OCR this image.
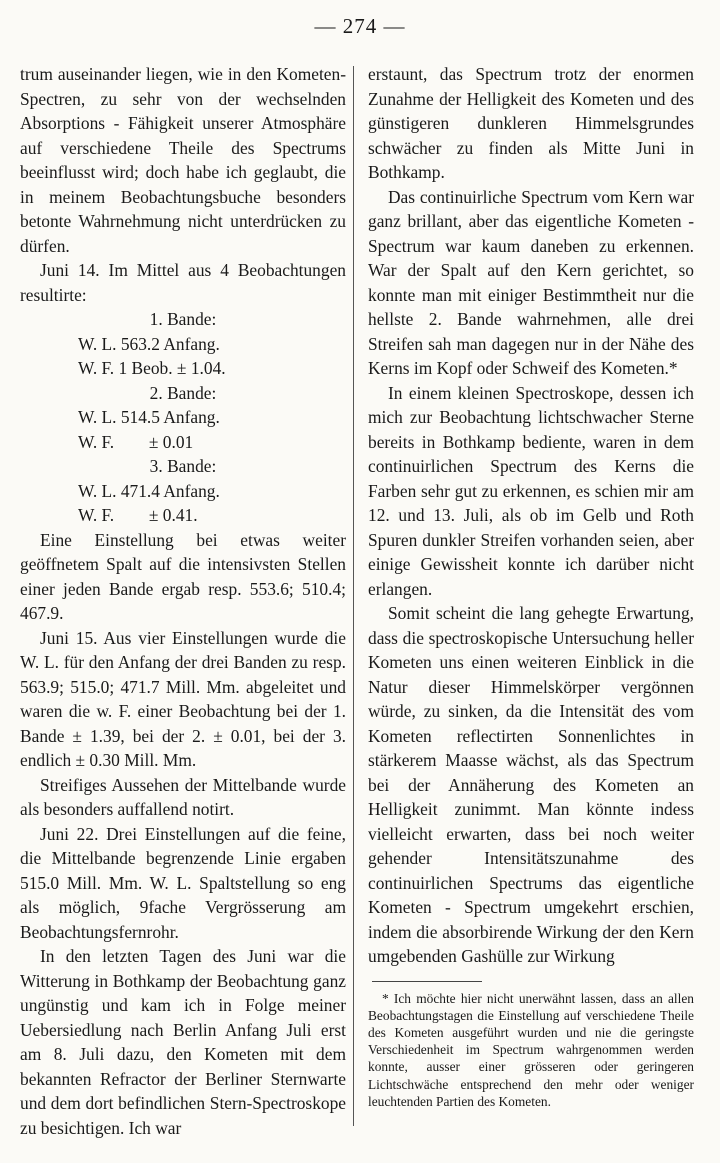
— 274 —

trum auseinander liegen, wie in den Kometen-Spectren, zu sehr von der wechselnden Absorptions - Fähigkeit unserer Atmosphäre auf verschiedene Theile des Spectrums beeinflusst wird; doch habe ich geglaubt, die in meinem Beobachtungsbuche besonders betonte Wahrnehmung nicht unterdrücken zu dürfen.

Juni 14. Im Mittel aus 4 Beobachtungen resultirte:

1. Bande:

W. L. 563.2 Anfang.

W. F. 1 Beob. ± 1.04.

2. Bande:

W. L. 514.5 Anfang.

W. F.        ± 0.01

3. Bande:

W. L. 471.4 Anfang.

W. F.        ± 0.41.

Eine Einstellung bei etwas weiter geöffnetem Spalt auf die intensivsten Stellen einer jeden Bande ergab resp. 553.6; 510.4; 467.9.

Juni 15. Aus vier Einstellungen wurde die W. L. für den Anfang der drei Banden zu resp. 563.9; 515.0; 471.7 Mill. Mm. abgeleitet und waren die w. F. einer Beobachtung bei der 1. Bande ± 1.39, bei der 2. ± 0.01, bei der 3. endlich ± 0.30 Mill. Mm.

Streifiges Aussehen der Mittelbande wurde als besonders auffallend notirt.

Juni 22. Drei Einstellungen auf die feine, die Mittelbande begrenzende Linie ergaben 515.0 Mill. Mm. W. L. Spaltstellung so eng als möglich, 9fache Vergrösserung am Beobachtungsfernrohr.

In den letzten Tagen des Juni war die Witterung in Bothkamp der Beobachtung ganz ungünstig und kam ich in Folge meiner Uebersiedlung nach Berlin Anfang Juli erst am 8. Juli dazu, den Kometen mit dem bekannten Refractor der Berliner Sternwarte und dem dort befindlichen Stern-Spectroskope zu besichtigen. Ich war

erstaunt, das Spectrum trotz der enormen Zunahme der Helligkeit des Kometen und des günstigeren dunkleren Himmelsgrundes schwächer zu finden als Mitte Juni in Bothkamp.

Das continuirliche Spectrum vom Kern war ganz brillant, aber das eigentliche Kometen - Spectrum war kaum daneben zu erkennen. War der Spalt auf den Kern gerichtet, so konnte man mit einiger Bestimmtheit nur die hellste 2. Bande wahrnehmen, alle drei Streifen sah man dagegen nur in der Nähe des Kerns im Kopf oder Schweif des Kometen.*

In einem kleinen Spectroskope, dessen ich mich zur Beobachtung lichtschwacher Sterne bereits in Bothkamp bediente, waren in dem continuirlichen Spectrum des Kerns die Farben sehr gut zu erkennen, es schien mir am 12. und 13. Juli, als ob im Gelb und Roth Spuren dunkler Streifen vorhanden seien, aber einige Gewissheit konnte ich darüber nicht erlangen.

Somit scheint die lang gehegte Erwartung, dass die spectroskopische Untersuchung heller Kometen uns einen weiteren Einblick in die Natur dieser Himmelskörper vergönnen würde, zu sinken, da die Intensität des vom Kometen reflectirten Sonnenlichtes in stärkerem Maasse wächst, als das Spectrum bei der Annäherung des Kometen an Helligkeit zunimmt. Man könnte indess vielleicht erwarten, dass bei noch weiter gehender Intensitätszunahme des continuirlichen Spectrums das eigentliche Kometen - Spectrum umgekehrt erschien, indem die absorbirende Wirkung der den Kern umgebenden Gashülle zur Wirkung

* Ich möchte hier nicht unerwähnt lassen, dass an allen Beobachtungstagen die Einstellung auf verschiedene Theile des Kometen ausgeführt wurden und nie die geringste Verschiedenheit im Spectrum wahrgenommen werden konnte, ausser einer grösseren oder geringeren Lichtschwäche entsprechend den mehr oder weniger leuchtenden Partien des Kometen.
